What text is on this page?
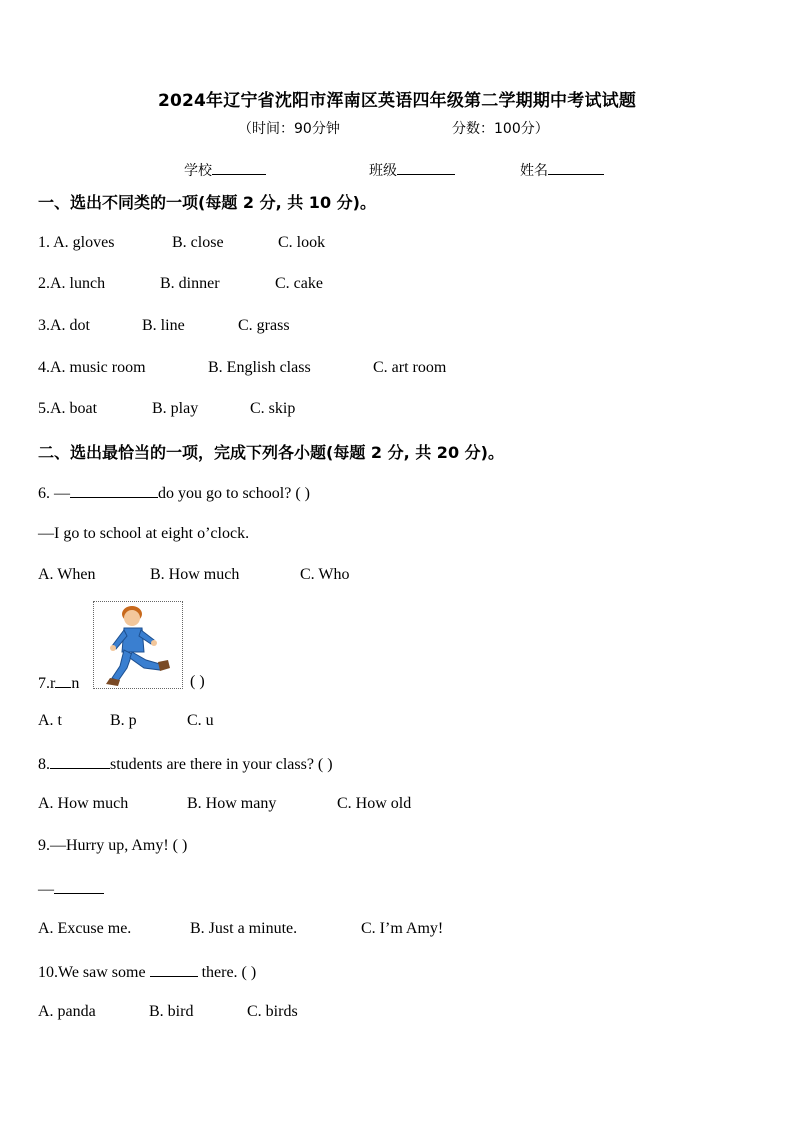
2024年辽宁省沈阳市浑南区英语四年级第二学期期中考试试题
（时间：90分钟	分数：100分）
学校	班级	姓名
一、选出不同类的一项(每题 2 分, 共 10 分)。
1. A. gloves	B. close	C. look
2.A. lunch	B. dinner	C. cake
3.A. dot	B. line	C. grass
4.A. music room	B. English class	C. art room
5.A. boat	B. play	C. skip
二、选出最恰当的一项，完成下列各小题(每题 2 分, 共 20 分)。
6. —	do you go to school? ( )
—I go to school at eight o’clock.
A. When	B. How much	C. Who
7.r n	( )
A. t	B. p	C. u
8.	students are there in your class? ( )
A. How much	B. How many	C. How old
9.—Hurry up, Amy! ( )
—
A. Excuse me.	B. Just a minute.	C. I’m Amy!
10.We saw some	there. ( )
A. panda	B. bird	C. birds
